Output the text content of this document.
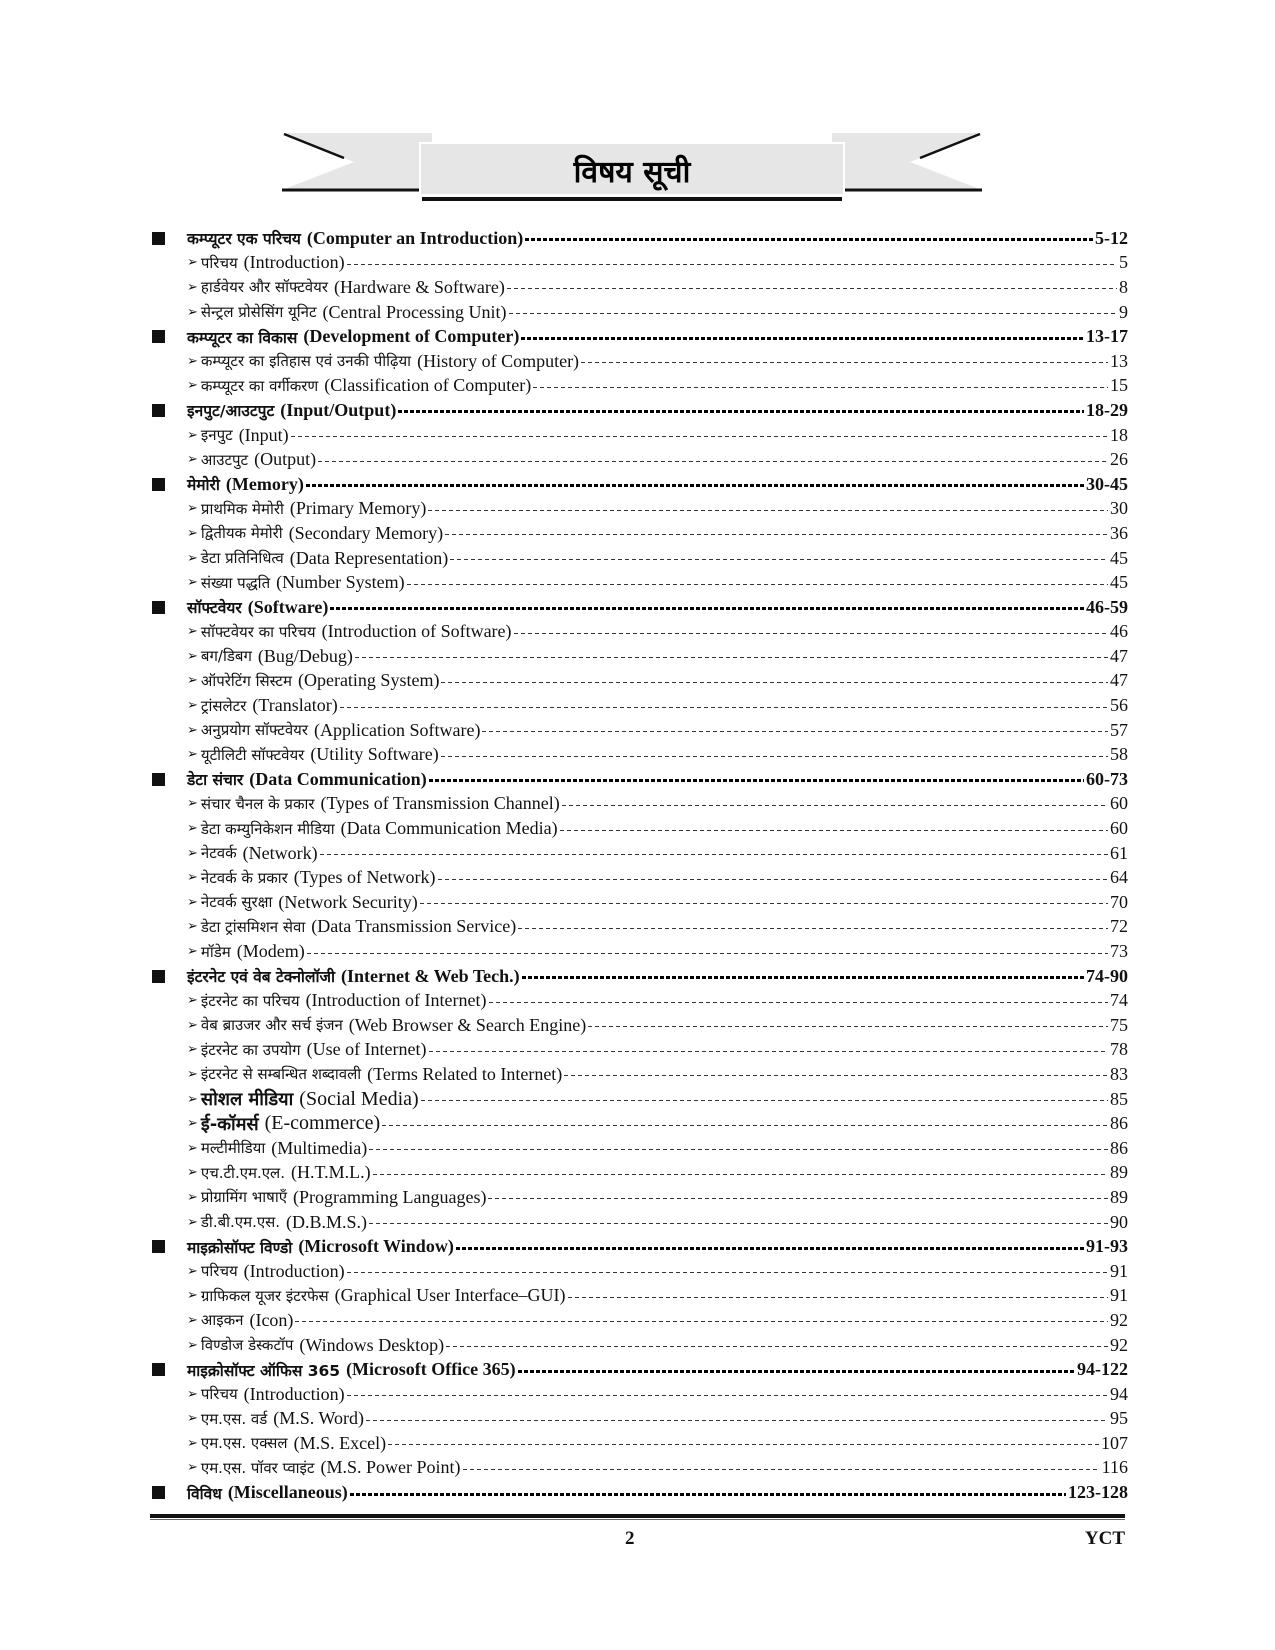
विषय सूची
कम्प्यूटर एक परिचय (Computer an Introduction)	5-12
➢ परिचय (Introduction)	5
➢ हार्डवेयर और सॉफ्टवेयर (Hardware & Software)	8
➢ सेन्ट्रल प्रोसेसिंग यूनिट (Central Processing Unit)	9
कम्प्यूटर का विकास (Development of Computer)	13-17
➢ कम्प्यूटर का इतिहास एवं उनकी पीढ़िया (History of Computer)	13
➢ कम्प्यूटर का वर्गीकरण (Classification of Computer)	15
इनपुट/आउटपुट (Input/Output)	18-29
➢ इनपुट (Input)	18
➢ आउटपुट (Output)	26
मेमोरी (Memory)	30-45
➢ प्राथमिक मेमोरी (Primary Memory)	30
➢ द्वितीयक मेमोरी (Secondary Memory)	36
➢ डेटा प्रतिनिधित्व (Data Representation)	45
➢ संख्या पद्धति (Number System)	45
सॉफ्टवेयर (Software)	46-59
➢ सॉफ्टवेयर का परिचय (Introduction of Software)	46
➢ बग/डिबग (Bug/Debug)	47
➢ ऑपरेटिंग सिस्टम (Operating System)	47
➢ ट्रांसलेटर (Translator)	56
➢ अनुप्रयोग सॉफ्टवेयर (Application Software)	57
➢ यूटीलिटी सॉफ्टवेयर (Utility Software)	58
डेटा संचार (Data Communication)	60-73
➢ संचार चैनल के प्रकार (Types of Transmission Channel)	60
➢ डेटा कम्युनिकेशन मीडिया (Data Communication Media)	60
➢ नेटवर्क (Network)	61
➢ नेटवर्क के प्रकार (Types of Network)	64
➢ नेटवर्क सुरक्षा (Network Security)	70
➢ डेटा ट्रांसमिशन सेवा (Data Transmission Service)	72
➢ मॉडेम (Modem)	73
इंटरनेट एवं वेब टेक्नोलॉजी (Internet & Web Tech.)	74-90
➢ इंटरनेट का परिचय (Introduction of Internet)	74
➢ वेब ब्राउजर और सर्च इंजन (Web Browser & Search Engine)	75
➢ इंटरनेट का उपयोग (Use of Internet)	78
➢ इंटरनेट से सम्बन्धित शब्दावली (Terms Related to Internet)	83
➢ सोशल मीडिया (Social Media)	85
➢ ई-कॉमर्स (E-commerce)	86
➢ मल्टीमीडिया (Multimedia)	86
➢ एच.टी.एम.एल. (H.T.M.L.)	89
➢ प्रोग्रामिंग भाषाएँ (Programming Languages)	89
➢ डी.बी.एम.एस. (D.B.M.S.)	90
माइक्रोसॉफ्ट विण्डो (Microsoft Window)	91-93
➢ परिचय (Introduction)	91
➢ ग्राफिकल यूजर इंटरफेस (Graphical User Interface–GUI)	91
➢ आइकन (Icon)	92
➢ विण्डोज डेस्कटॉप (Windows Desktop)	92
माइक्रोसॉफ्ट ऑफिस 365 (Microsoft Office 365)	94-122
➢ परिचय (Introduction)	94
➢ एम.एस. वर्ड (M.S. Word)	95
➢ एम.एस. एक्सल (M.S. Excel)	107
➢ एम.एस. पॉवर प्वाइंट (M.S. Power Point)	116
विविध (Miscellaneous)	123-128
2	YCT
